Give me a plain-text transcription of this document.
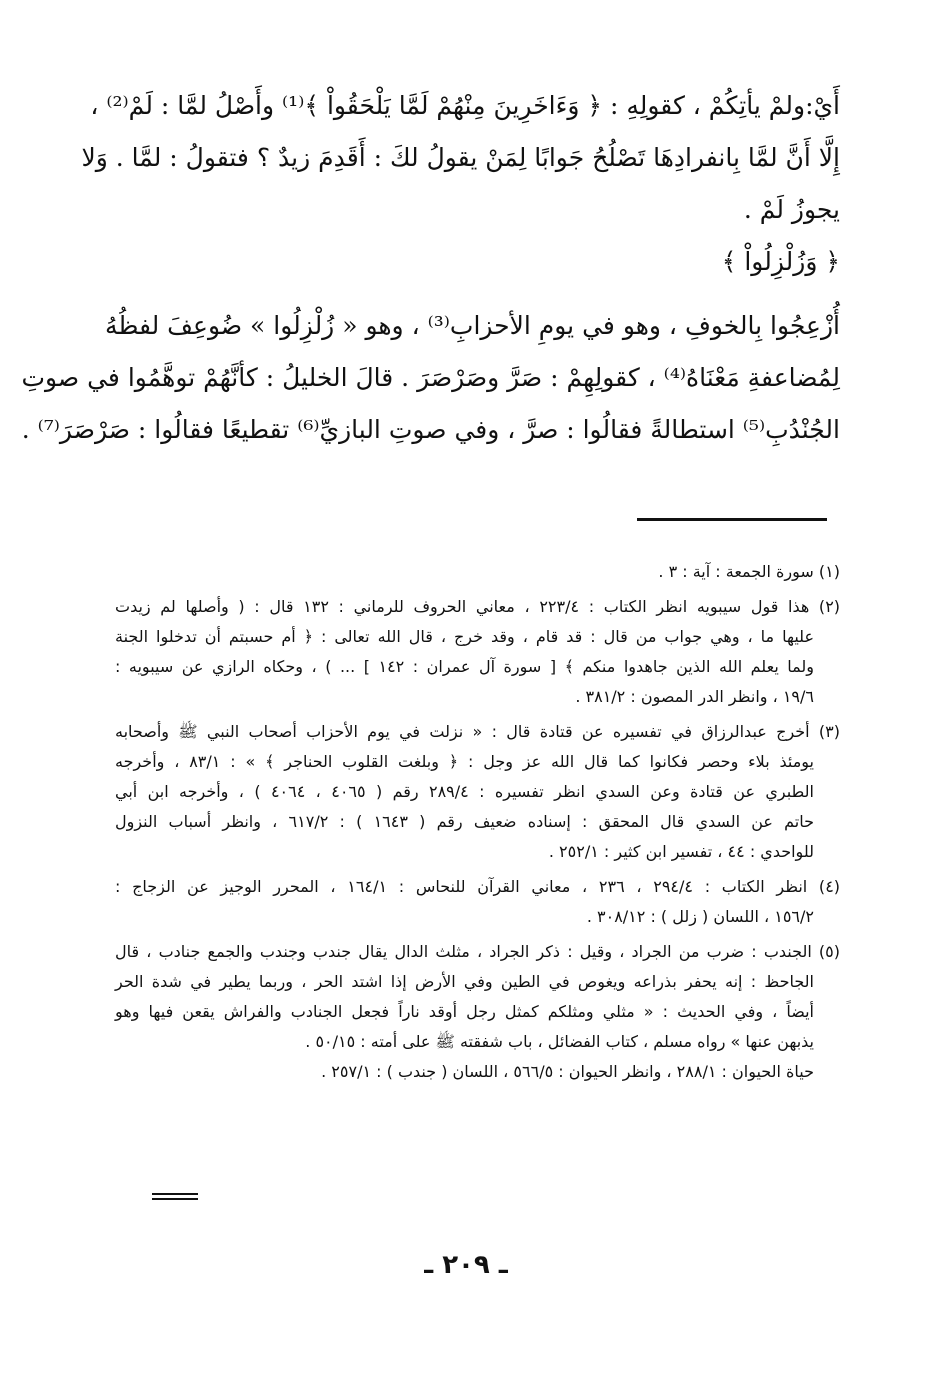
أَيْ:ولمْ يأتِكُمْ ، كقولِهِ : ﴿ وَءَاخَرِينَ مِنْهُمْ لَمَّا يَلْحَقُواْ ﴾⁽¹⁾ وأَصْلُ لمَّا : لَمْ⁽²⁾ ،
إِلَّا أَنَّ لمَّا بِانفرادِهَا تَصْلُحُ جَوابًا لِمَنْ يقولُ لكَ : أَقَدِمَ زيدٌ ؟ فتقولُ : لمَّا . وَلا
يجوزُ لَمْ .
﴿ وَزُلْزِلُواْ ﴾
أُزْعِجُوا بِالخوفِ ، وهو في يومِ الأحزابِ⁽³⁾ ، وهو « زُلْزِلُوا » ضُوعِفَ لفظُهُ
لِمُضاعفةِ مَعْنَاهُ⁽⁴⁾ ، كقولِهِمْ : صَرَّ وصَرْصَرَ . قالَ الخليلُ : كأنَّهُمْ توهَّمُوا في صوتِ
الجُنْدُبِ⁽⁵⁾ استطالةً فقالُوا : صرَّ ، وفي صوتِ البازيِّ⁽⁶⁾ تقطيعًا فقالُوا : صَرْصَرَ⁽⁷⁾ .
(١) سورة الجمعة : آية : ٣ .
(٢) هذا قول سيبويه انظر الكتاب : ٢٢٣/٤ ، معاني الحروف للرماني : ١٣٢ قال : ( وأصلها لم زيدت
عليها ما ، وهي جواب من قال : قد قام ، وقد خرج ، قال الله تعالى : ﴿ أم حسبتم أن تدخلوا الجنة
ولما يعلم الله الذين جاهدوا منكم ﴾ [ سورة آل عمران : ١٤٢ ] ... ) ، وحكاه الرازي عن سيبويه :
١٩/٦ ، وانظر الدر المصون : ٣٨١/٢ .
(٣) أخرج عبدالرزاق في تفسيره عن قتادة قال : « نزلت في يوم الأحزاب أصحاب النبي ﷺ وأصحابه
يومئذ بلاء وحصر فكانوا كما قال الله عز وجل : ﴿ وبلغت القلوب الحناجر ﴾ » : ٨٣/١ ، وأخرجه
الطبري عن قتادة وعن السدي انظر تفسيره : ٢٨٩/٤ رقم ( ٤٠٦٥ ، ٤٠٦٤ ) ، وأخرجه ابن أبي
حاتم عن السدي قال المحقق : إسناده ضعيف رقم ( ١٦٤٣ ) : ٦١٧/٢ ، وانظر أسباب النزول
للواحدي : ٤٤ ، تفسير ابن كثير : ٢٥٢/١ .
(٤) انظر الكتاب : ٢٩٤/٤ ، ٢٣٦ ، معاني القرآن للنحاس : ١٦٤/١ ، المحرر الوجيز عن الزجاج :
١٥٦/٢ ، اللسان ( زلل ) : ٣٠٨/١٢ .
(٥) الجندب : ضرب من الجراد ، وقيل : ذكر الجراد ، مثلث الدال يقال جندب وجندب والجمع جنادب ، قال
الجاحظ : إنه يحفر بذراعه ويغوص في الطين وفي الأرض إذا اشتد الحر ، وربما يطير في شدة الحر
أيضاً ، وفي الحديث : « مثلي ومثلكم كمثل رجل أوقد ناراً فجعل الجنادب والفراش يقعن فيها وهو
يذبهن عنها » رواه مسلم ، كتاب الفضائل ، باب شفقته ﷺ على أمته : ٥٠/١٥ .
حياة الحيوان : ٢٨٨/١ ، وانظر الحيوان : ٥٦٦/٥ ، اللسان ( جندب ) : ٢٥٧/١ .
ـ ٢٠٩ ـ
